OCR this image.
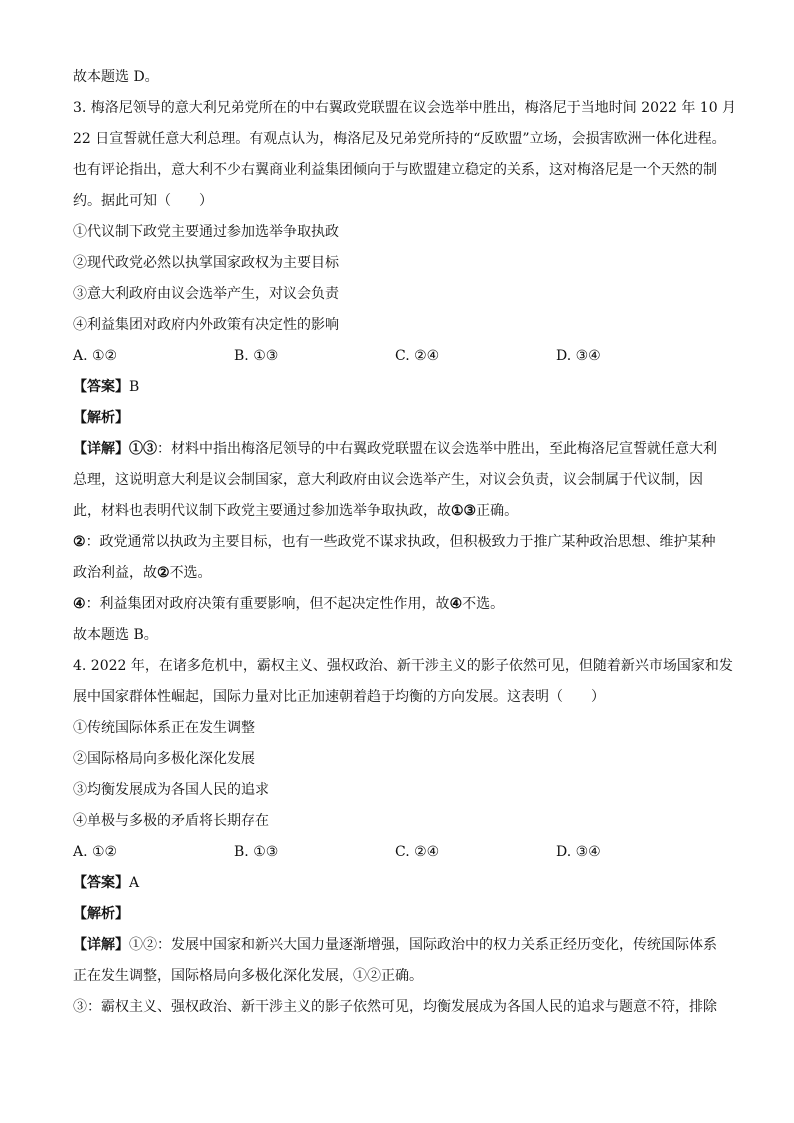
故本题选 D。
3. 梅洛尼领导的意大利兄弟党所在的中右翼政党联盟在议会选举中胜出，梅洛尼于当地时间 2022 年 10 月
22 日宣誓就任意大利总理。有观点认为，梅洛尼及兄弟党所持的“反欧盟”立场，会损害欧洲一体化进程。
也有评论指出，意大利不少右翼商业利益集团倾向于与欧盟建立稳定的关系，这对梅洛尼是一个天然的制
约。据此可知（　　）
①代议制下政党主要通过参加选举争取执政
②现代政党必然以执掌国家政权为主要目标
③意大利政府由议会选举产生，对议会负责
④利益集团对政府内外政策有决定性的影响
A. ①②	B. ①③	C. ②④	D. ③④
【答案】B
【解析】
【详解】①③：材料中指出梅洛尼领导的中右翼政党联盟在议会选举中胜出，至此梅洛尼宣誓就任意大利
总理，这说明意大利是议会制国家，意大利政府由议会选举产生，对议会负责，议会制属于代议制，因
此，材料也表明代议制下政党主要通过参加选举争取执政，故①③正确。
②：政党通常以执政为主要目标，也有一些政党不谋求执政，但积极致力于推广某种政治思想、维护某种
政治利益，故②不选。
④：利益集团对政府决策有重要影响，但不起决定性作用，故④不选。
故本题选 B。
4. 2022 年，在诸多危机中，霸权主义、强权政治、新干涉主义的影子依然可见，但随着新兴市场国家和发
展中国家群体性崛起，国际力量对比正加速朝着趋于均衡的方向发展。这表明（　　）
①传统国际体系正在发生调整
②国际格局向多极化深化发展
③均衡发展成为各国人民的追求
④单极与多极的矛盾将长期存在
A. ①②	B. ①③	C. ②④	D. ③④
【答案】A
【解析】
【详解】①②：发展中国家和新兴大国力量逐渐增强，国际政治中的权力关系正经历变化，传统国际体系
正在发生调整，国际格局向多极化深化发展，①②正确。
③：霸权主义、强权政治、新干涉主义的影子依然可见，均衡发展成为各国人民的追求与题意不符，排除
